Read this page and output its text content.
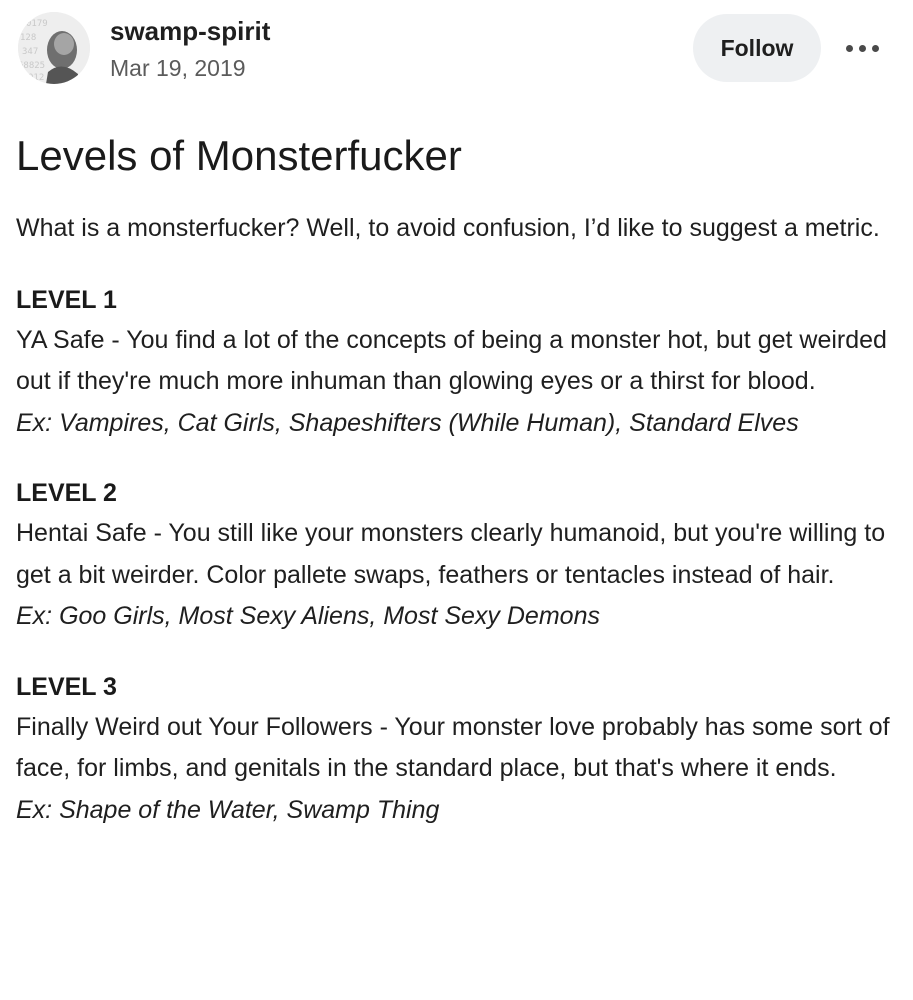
0179
128
347
68825
012
swamp-spirit
Mar 19, 2019
Follow
Levels of Monsterfucker

What is a monsterfucker? Well, to avoid confusion, I’d like to suggest a metric.

LEVEL 1

YA Safe - You find a lot of the concepts of being a monster hot, but get weirded out if they're much more inhuman than glowing eyes or a thirst for blood.

Ex: Vampires, Cat Girls, Shapeshifters (While Human), Standard Elves

LEVEL 2

Hentai Safe - You still like your monsters clearly humanoid, but you're willing to get a bit weirder. Color pallete swaps, feathers or tentacles instead of hair.

Ex: Goo Girls, Most Sexy Aliens, Most Sexy Demons

LEVEL 3

Finally Weird out Your Followers - Your monster love probably has some sort of face, for limbs, and genitals in the standard place, but that's where it ends.

Ex: Shape of the Water, Swamp Thing
